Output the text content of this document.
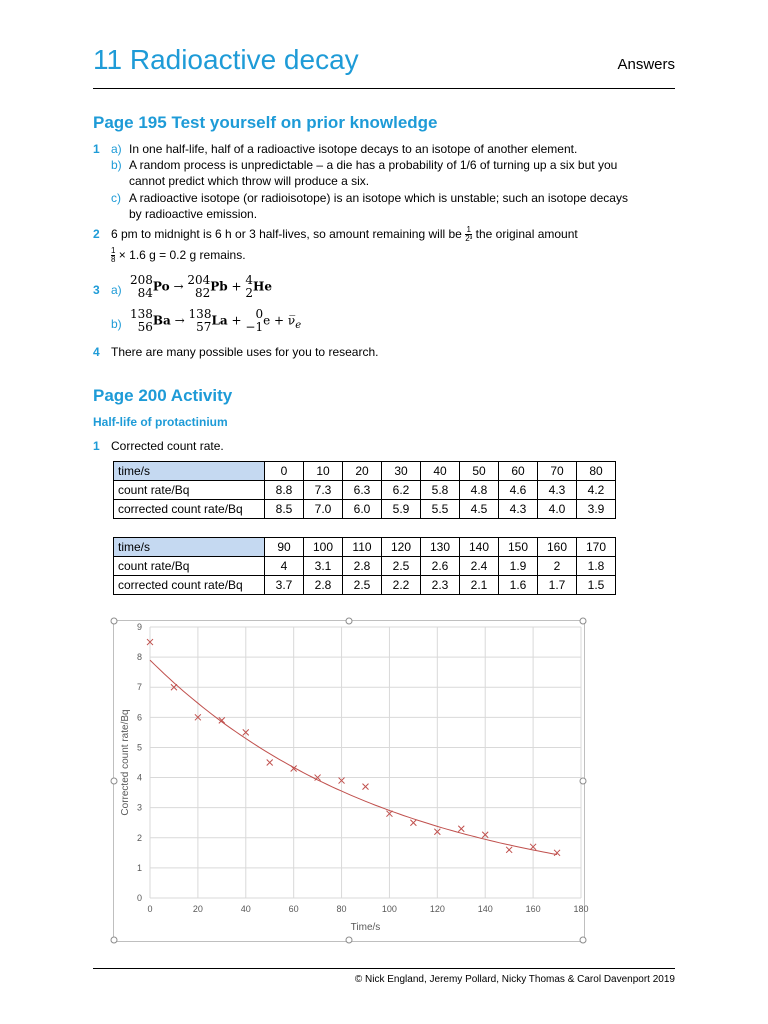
11 Radioactive decay	Answers
Page 195 Test yourself on prior knowledge
1 a) In one half-life, half of a radioactive isotope decays to an isotope of another element.
b) A random process is unpredictable – a die has a probability of 1/6 of turning up a six but you
cannot predict which throw will produce a six.
c) A radioactive isotope (or radioisotope) is an isotope which is unstable; such an isotope decays
by radioactive emission.
2 6 pm to midnight is 6 h or 3 half-lives, so amount remaining will be $\frac{1}{\text{2³}}$ the original amount
$\frac{1}{8} \times 1.6$ g = 0.2 g remains.
3 a)
208
84 Po → 204
82 Pb + 4
2 He
b)
138
56 Ba → 138
57 La +	0
−1 $e + \nu̅_e$
4 There are many possible uses for you to research.
Page 200 Activity
Half-life of protactinium
1 Corrected count rate.
time/s	0	10	20	30	40	50	60	70	80
count rate/Bq	8.8	7.3	6.3	6.2	5.8	4.8	4.6	4.3	4.2
corrected count rate/Bq	8.5	7.0	6.0	5.9	5.5	4.5	4.3	4.0	3.9
time/s	90	100	110	120	130	140	150	160	170
count rate/Bq	4	3.1	2.8	2.5	2.6	2.4	1.9	2	1.8
corrected count rate/Bq	3.7	2.8	2.5	2.2	2.3	2.1	1.6	1.7	1.5
0
1
2
3
4
5
6
7
8
9
0	20	40	60	80	100	120	140	160	180
Time/s
Corrected count rate/Bq
© Nick England, Jeremy Pollard, Nicky Thomas & Carol Davenport 2019
